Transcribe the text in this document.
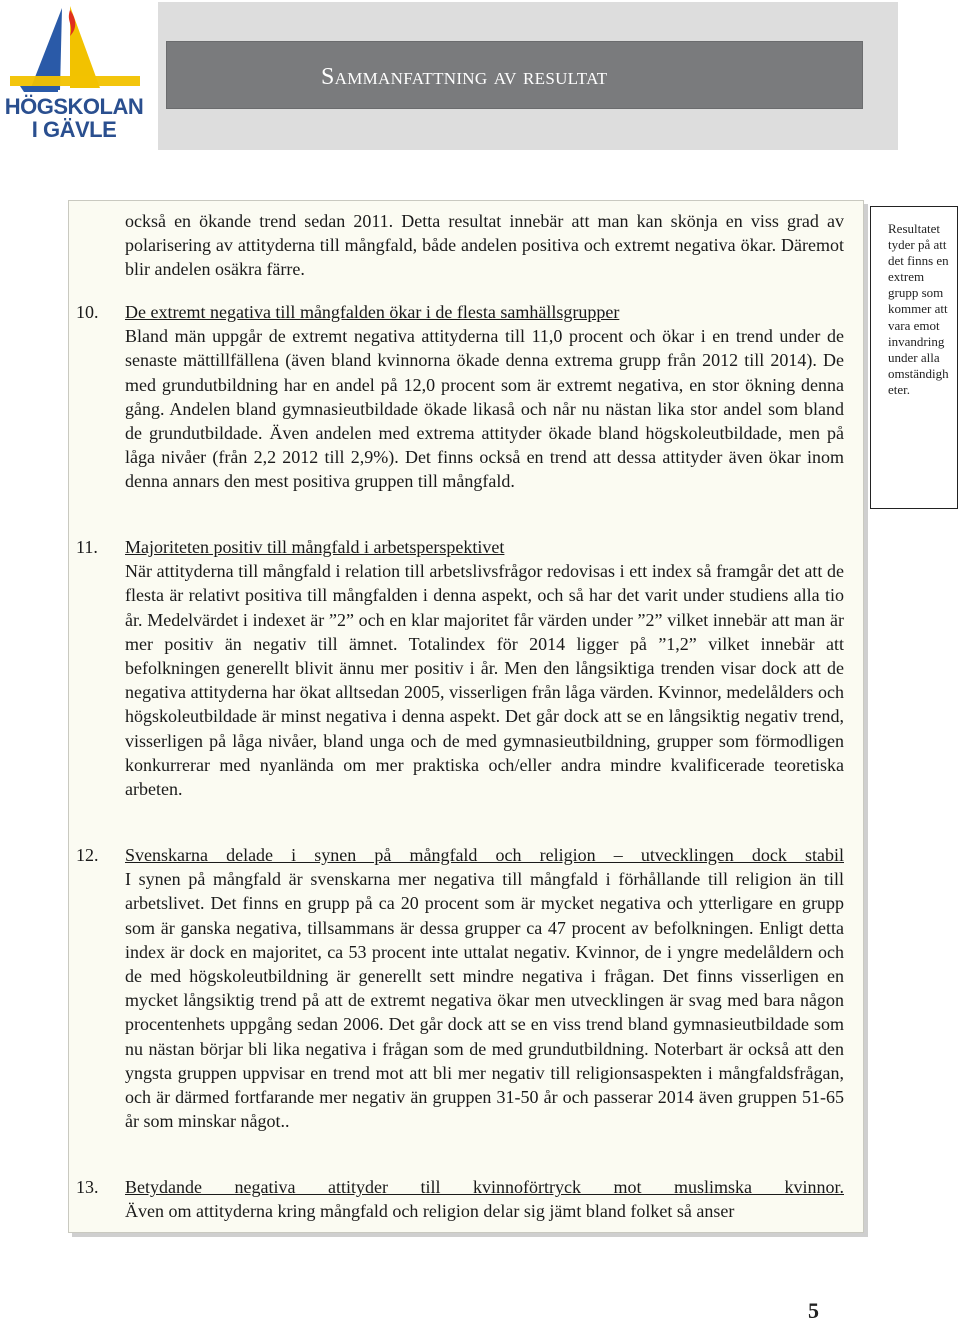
HÖGSKOLAN
I GÄVLE
Sammanfattning av resultat

också en ökande trend sedan 2011. Detta resultat innebär att man kan skönja en viss grad av polarisering av attityderna till mångfald, både andelen positiva och extremt negativa ökar. Däremot blir andelen osäkra färre.

10. De extremt negativa till mångfalden ökar i de flesta samhällsgrupper

Bland män uppgår de extremt negativa attityderna till 11,0 procent och ökar i en trend under de senaste mättillfällena (även bland kvinnorna ökade denna extrema grupp från 2012 till 2014). De med grundutbildning har en andel på 12,0 procent som är extremt negativa, en stor ökning denna gång. Andelen bland gymnasieutbildade ökade likaså och når nu nästan lika stor andel som bland de grundutbildade. Även andelen med extrema attityder ökade bland högskoleutbildade, men på låga nivåer (från 2,2 2012 till 2,9%). Det finns också en trend att dessa attityder även ökar inom denna annars den mest positiva gruppen till mångfald.

11. Majoriteten positiv till mångfald i arbetsperspektivet

När attityderna till mångfald i relation till arbetslivsfrågor redovisas i ett index så framgår det att de flesta är relativt positiva till mångfalden i denna aspekt, och så har det varit under studiens alla tio år. Medelvärdet i indexet är ”2” och en klar majoritet får värden under ”2” vilket innebär att man är mer positiv än negativ till ämnet. Totalindex för 2014 ligger på ”1,2” vilket innebär att befolkningen generellt blivit ännu mer positiv i år. Men den långsiktiga trenden visar dock att de negativa attityderna har ökat alltsedan 2005, visserligen från låga värden. Kvinnor, medelålders och högskoleutbildade är minst negativa i denna aspekt. Det går dock att se en långsiktig negativ trend, visserligen på låga nivåer, bland unga och de med gymnasieutbildning, grupper som förmodligen konkurrerar med nyanlända om mer praktiska och/eller andra mindre kvalificerade teoretiska arbeten.

12. Svenskarna delade i synen på mångfald och religion – utvecklingen dock stabil

I synen på mångfald är svenskarna mer negativa till mångfald i förhållande till religion än till arbetslivet. Det finns en grupp på ca 20 procent som är mycket negativa och ytterligare en grupp som är ganska negativa, tillsammans är dessa grupper ca 47 procent av befolkningen. Enligt detta index är dock en majoritet, ca 53 procent inte uttalat negativ. Kvinnor, de i yngre medelåldern och de med högskoleutbildning är generellt sett mindre negativa i frågan. Det finns visserligen en mycket långsiktig trend på att de extremt negativa ökar men utvecklingen är svag med bara någon procentenhets uppgång sedan 2006. Det går dock att se en viss trend bland gymnasieutbildade som nu nästan börjar bli lika negativa i frågan som de med grundutbildning. Noterbart är också att den yngsta gruppen uppvisar en trend mot att bli mer negativ till religionsaspekten i mångfaldsfrågan, och är därmed fortfarande mer negativ än gruppen 31-50 år och passerar 2014 även gruppen 51-65 år som minskar något..

13. Betydande negativa attityder till kvinnoförtryck mot muslimska kvinnor.

Även om attityderna kring mångfald och religion delar sig jämt bland folket så anser

Resultatet tyder på att det finns en extrem grupp som kommer att vara emot invandring under alla omständigheter.
5
